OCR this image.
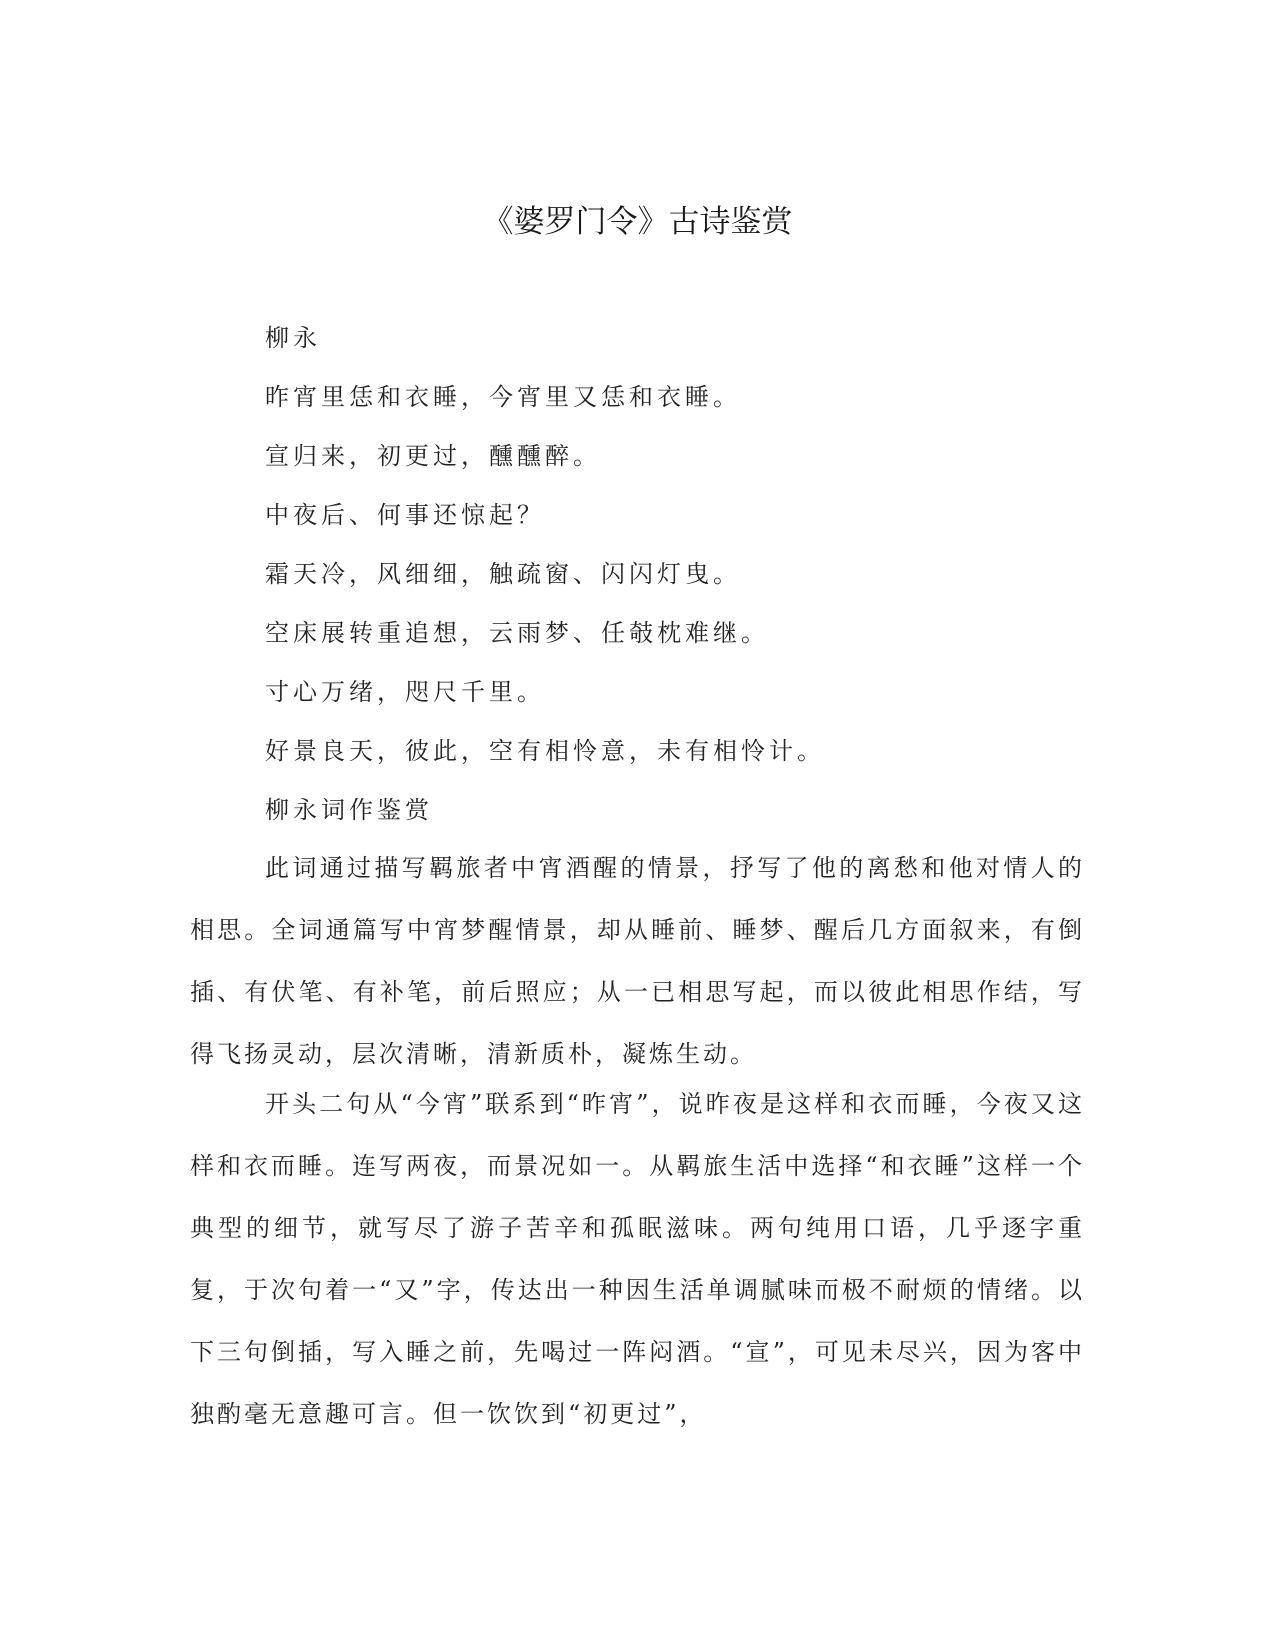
《婆罗门令》古诗鉴赏
柳永
昨宵里恁和衣睡，今宵里又恁和衣睡。
宣归来，初更过，醺醺醉。
中夜后、何事还惊起？
霜天冷，风细细，触疏窗、闪闪灯曳。
空床展转重追想，云雨梦、任攲枕难继。
寸心万绪，咫尺千里。
好景良天，彼此，空有相怜意，未有相怜计。
柳永词作鉴赏

此词通过描写羁旅者中宵酒醒的情景，抒写了他的离愁和他对情人的相思。全词通篇写中宵梦醒情景，却从睡前、睡梦、醒后几方面叙来，有倒插、有伏笔、有补笔，前后照应；从一已相思写起，而以彼此相思作结，写得飞扬灵动，层次清晰，清新质朴，凝炼生动。

开头二句从“今宵”联系到“昨宵”，说昨夜是这样和衣而睡，今夜又这样和衣而睡。连写两夜，而景况如一。从羁旅生活中选择“和衣睡”这样一个典型的细节，就写尽了游子苦辛和孤眠滋味。两句纯用口语，几乎逐字重复，于次句着一“又”字，传达出一种因生活单调腻味而极不耐烦的情绪。以下三句倒插，写入睡之前，先喝过一阵闷酒。“宣”，可见未尽兴，因为客中独酌毫无意趣可言。但一饮饮到“初更过”，
